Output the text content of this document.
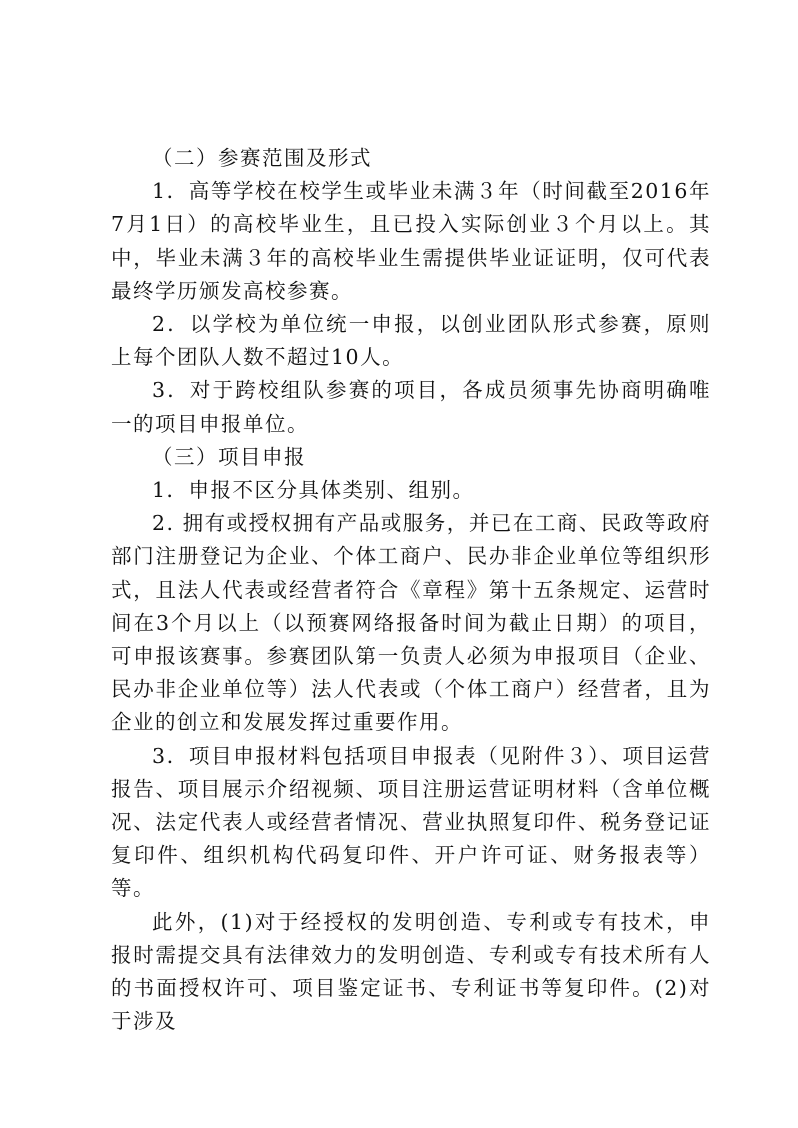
（二）参赛范围及形式

1．高等学校在校学生或毕业未满３年（时间截至2016年7月1日）的高校毕业生，且已投入实际创业３个月以上。其中，毕业未满３年的高校毕业生需提供毕业证证明，仅可代表最终学历颁发高校参赛。

2．以学校为单位统一申报，以创业团队形式参赛，原则上每个团队人数不超过10人。

3．对于跨校组队参赛的项目，各成员须事先协商明确唯一的项目申报单位。

（三）项目申报

1．申报不区分具体类别、组别。

2. 拥有或授权拥有产品或服务，并已在工商、民政等政府部门注册登记为企业、个体工商户、民办非企业单位等组织形式，且法人代表或经营者符合《章程》第十五条规定、运营时间在3个月以上（以预赛网络报备时间为截止日期）的项目，可申报该赛事。参赛团队第一负责人必须为申报项目（企业、民办非企业单位等）法人代表或（个体工商户）经营者，且为企业的创立和发展发挥过重要作用。

3．项目申报材料包括项目申报表（见附件３）、项目运营报告、项目展示介绍视频、项目注册运营证明材料（含单位概况、法定代表人或经营者情况、营业执照复印件、税务登记证复印件、组织机构代码复印件、开户许可证、财务报表等）等。

此外，(1)对于经授权的发明创造、专利或专有技术，申报时需提交具有法律效力的发明创造、专利或专有技术所有人的书面授权许可、项目鉴定证书、专利证书等复印件。(2)对于涉及
